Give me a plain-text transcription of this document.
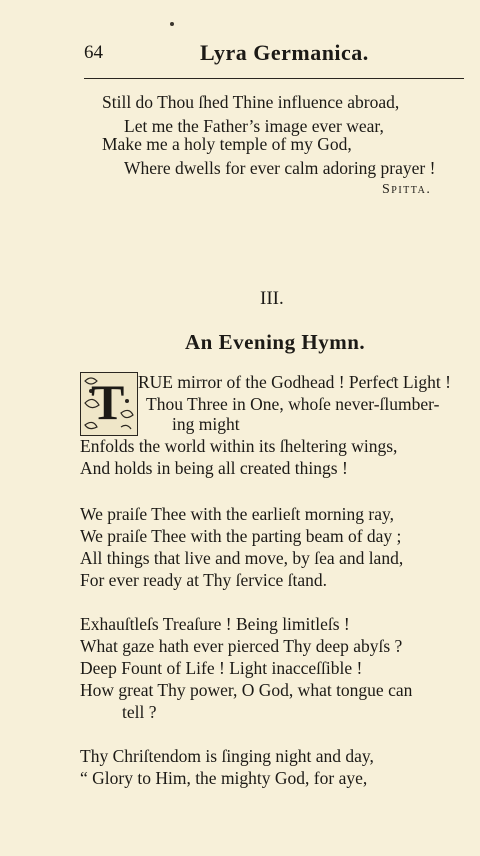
64	Lyra Germanica.
Still do Thou ſhed Thine influence abroad,
Let me the Father’s image ever wear,
Make me a holy temple of my God,
Where dwells for ever calm adoring prayer !
Spitta.
III.
An Evening Hymn.
T RUE mirror of the Godhead ! Perfeƈt Light !
Thou Three in One, whoſe never-ſlumber-
ing might
Enfolds the world within its ſheltering wings,
And holds in being all created things !
We praiſe Thee with the earlieſt morning ray,
We praiſe Thee with the parting beam of day ;
All things that live and move, by ſea and land,
For ever ready at Thy ſervice ſtand.
Exhauſtleſs Treaſure ! Being limitleſs !
What gaze hath ever pierced Thy deep abyſs ?
Deep Fount of Life ! Light inacceſſible !
How great Thy power, O God, what tongue can
tell ?
Thy Chriſtendom is ſinging night and day,
“ Glory to Him, the mighty God, for aye,
